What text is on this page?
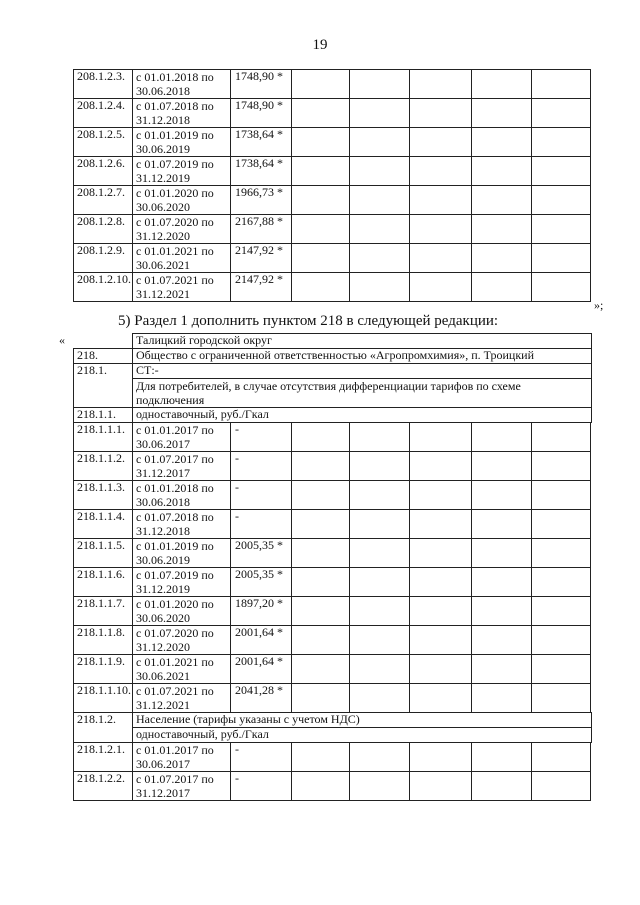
19
208.1.2.3.	с 01.01.2018 по 30.06.2018	1748,90 *						
208.1.2.4.	с 01.07.2018 по 31.12.2018	1748,90 *						
208.1.2.5.	с 01.01.2019 по 30.06.2019	1738,64 *						
208.1.2.6.	с 01.07.2019 по 31.12.2019	1738,64 *						
208.1.2.7.	с 01.01.2020 по 30.06.2020	1966,73 *						
208.1.2.8.	с 01.07.2020 по 31.12.2020	2167,88 *						
208.1.2.9.	с 01.01.2021 по 30.06.2021	2147,92 *						
208.1.2.10.	с 01.07.2021 по 31.12.2021	2147,92 *						
»;
5) Раздел 1 дополнить пунктом 218 в следующей редакции:
«
		Талицкий городской округ							
218.	Общество с ограниченной ответственностью «Агропромхимия», п. Троицкий							
218.1.	СТ:-							
	Для потребителей, в случае отсутствия дифференциации тарифов по схеме подключения							
218.1.1.	одноставочный, руб./Гкал							
218.1.1.1.	с 01.01.2017 по 30.06.2017	-						
218.1.1.2.	с 01.07.2017 по 31.12.2017	-						
218.1.1.3.	с 01.01.2018 по 30.06.2018	-						
218.1.1.4.	с 01.07.2018 по 31.12.2018	-						
218.1.1.5.	с 01.01.2019 по 30.06.2019	2005,35 *						
218.1.1.6.	с 01.07.2019 по 31.12.2019	2005,35 *						
218.1.1.7.	с 01.01.2020 по 30.06.2020	1897,20 *						
218.1.1.8.	с 01.07.2020 по 31.12.2020	2001,64 *						
218.1.1.9.	с 01.01.2021 по 30.06.2021	2001,64 *						
218.1.1.10.	с 01.07.2021 по 31.12.2021	2041,28 *						
218.1.2.	Население (тарифы указаны с учетом НДС)							
	одноставочный, руб./Гкал							
218.1.2.1.	с 01.01.2017 по 30.06.2017	-						
218.1.2.2.	с 01.07.2017 по 31.12.2017	-						
